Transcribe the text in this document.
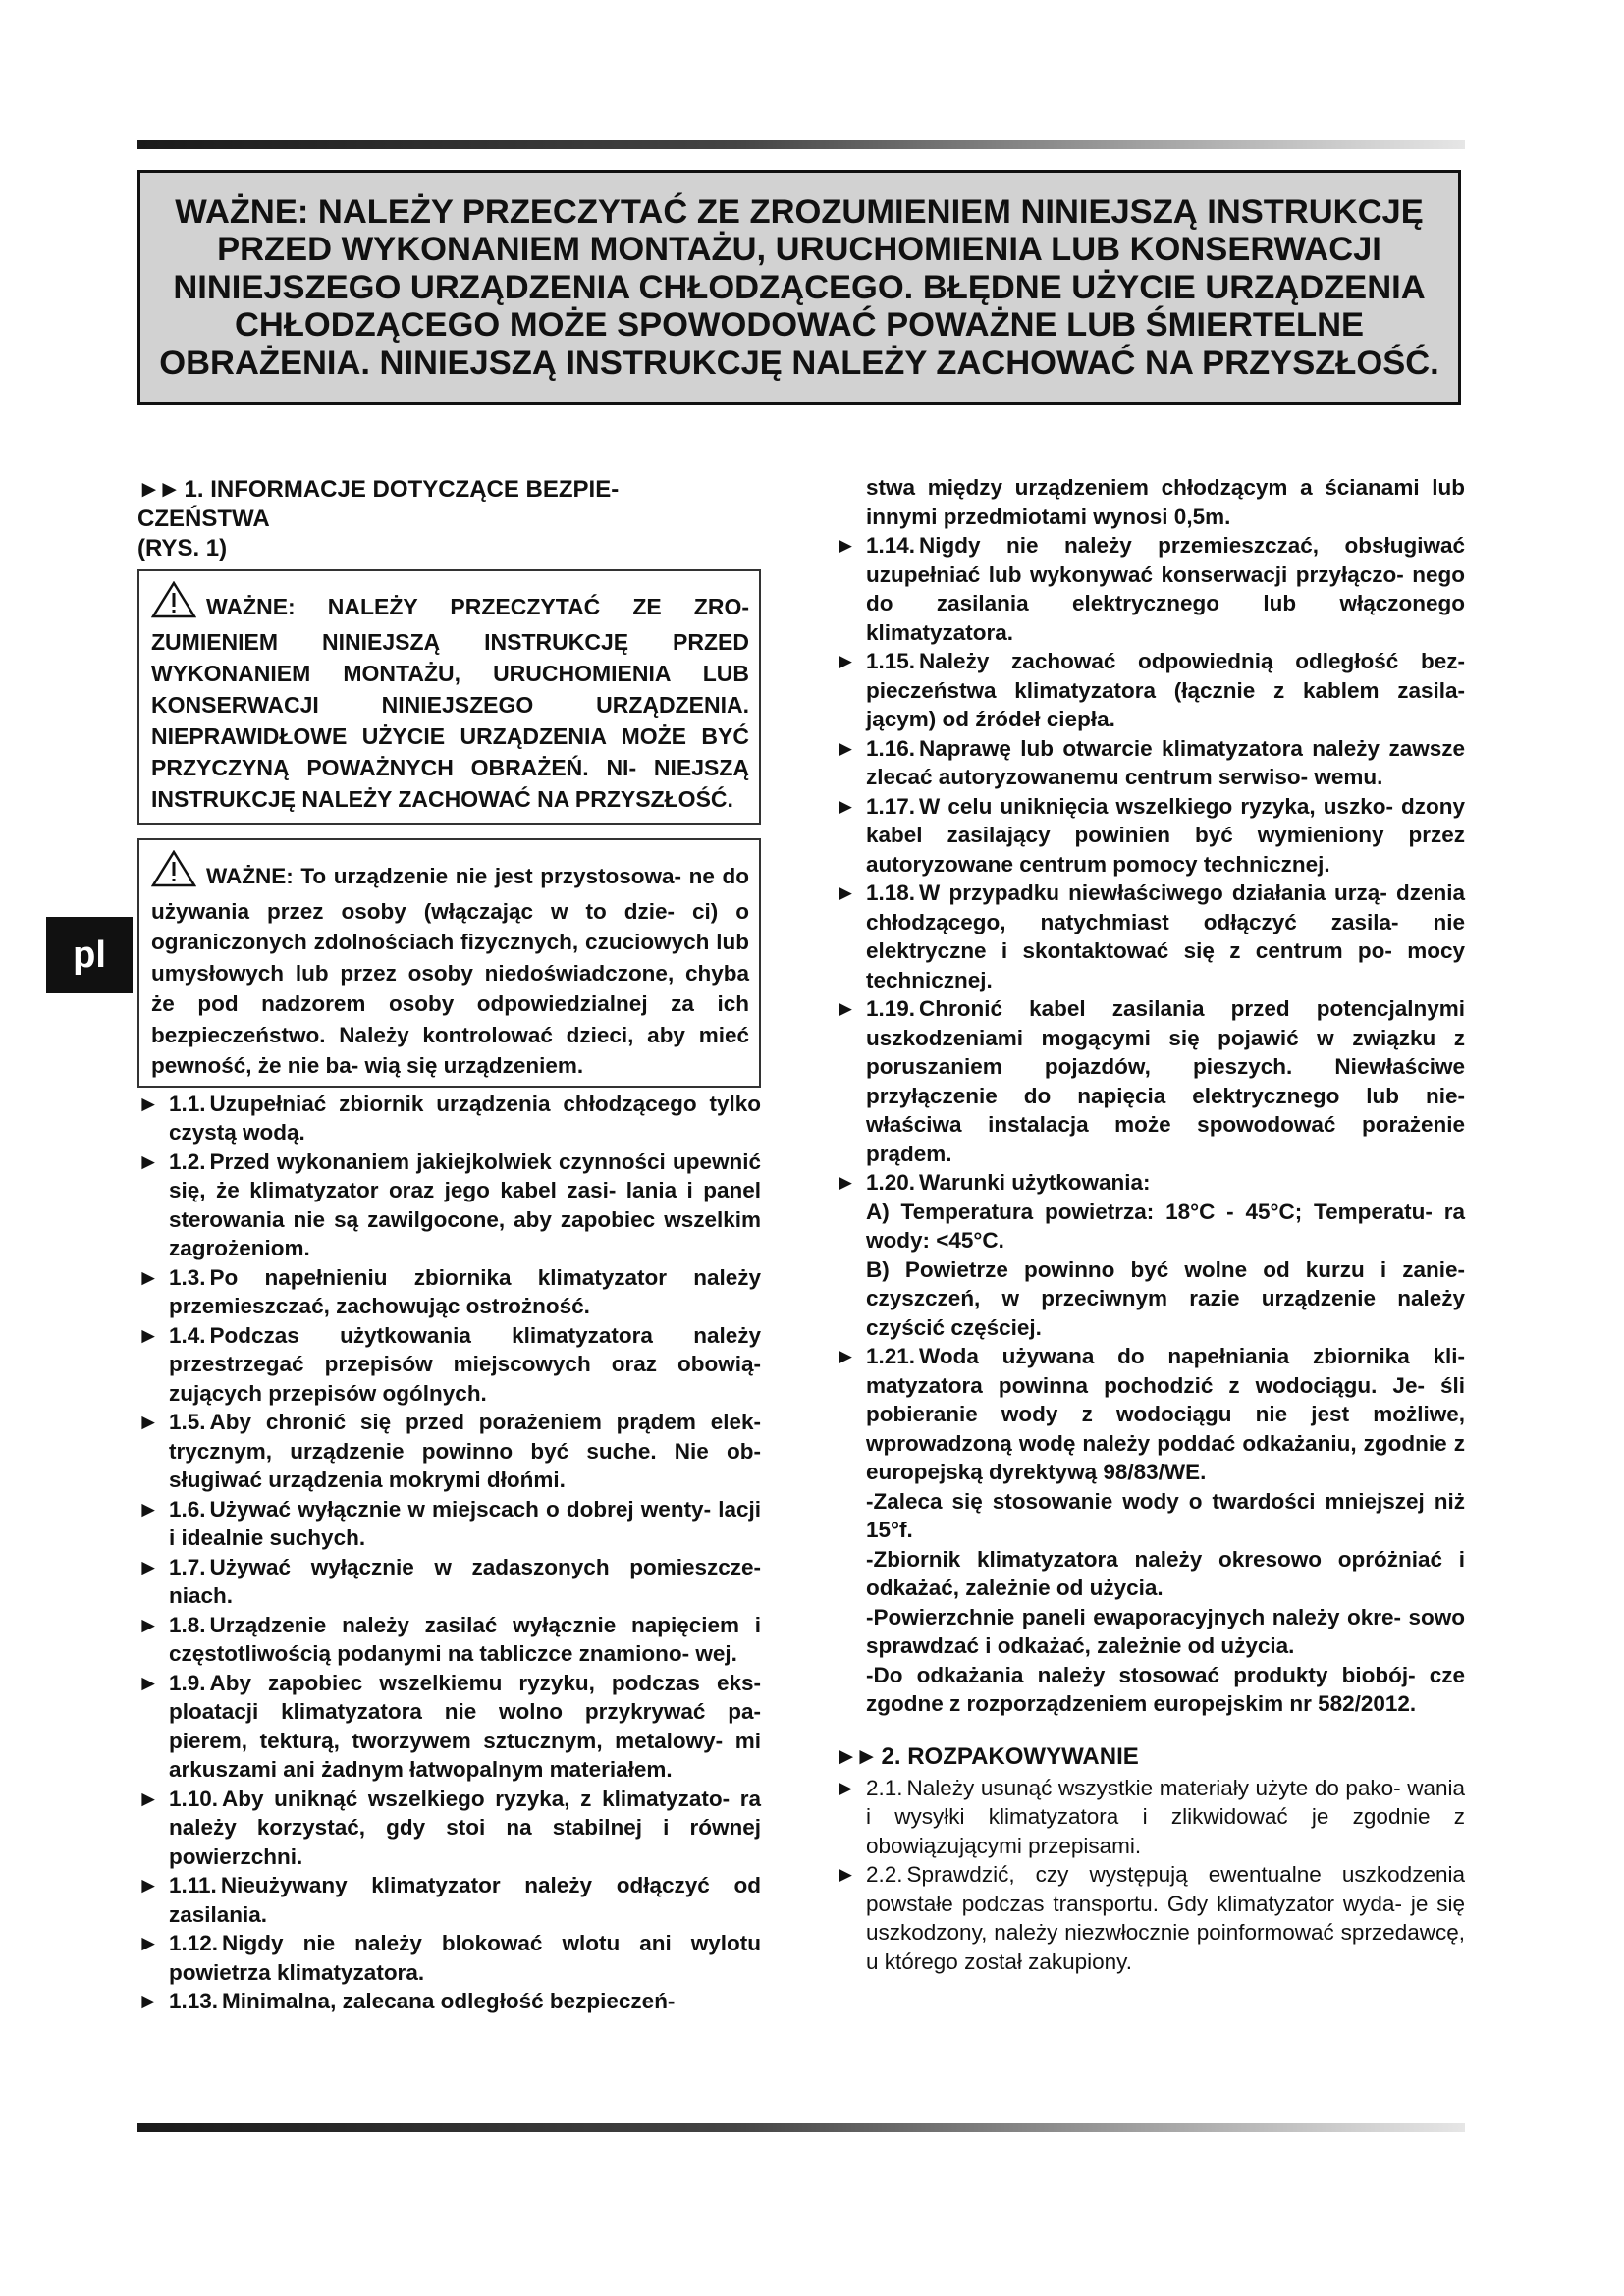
WAŻNE: NALEŻY PRZECZYTAĆ ZE ZROZUMIENIEM NINIEJSZĄ INSTRUKCJĘ PRZED WYKONANIEM MONTAŻU, URUCHOMIENIA LUB KONSERWACJI NINIEJSZEGO URZĄDZENIA CHŁODZĄCEGO. BŁĘDNE UŻYCIE URZĄDZENIA CHŁODZĄCEGO MOŻE SPOWODOWAĆ POWAŻNE LUB ŚMIERTELNE OBRAŻENIA. NINIEJSZĄ INSTRUKCJĘ NALEŻY ZACHOWAĆ NA PRZYSZŁOŚĆ.

pl
►► 1. INFORMACJE DOTYCZĄCE BEZPIE-
CZEŃSTWA
(RYS. 1)

WAŻNE: NALEŻY PRZECZYTAĆ ZE ZRO- ZUMIENIEM NINIEJSZĄ INSTRUKCJĘ PRZED WYKONANIEM MONTAŻU, URUCHOMIENIA LUB KONSERWACJI NINIEJSZEGO URZĄDZENIA. NIEPRAWIDŁOWE UŻYCIE URZĄDZENIA MOŻE BYĆ PRZYCZYNĄ POWAŻNYCH OBRAŻEŃ. NI- NIEJSZĄ INSTRUKCJĘ NALEŻY ZACHOWAĆ NA PRZYSZŁOŚĆ.

WAŻNE: To urządzenie nie jest przystosowa- ne do używania przez osoby (włączając w to dzie- ci) o ograniczonych zdolnościach fizycznych, czuciowych lub umysłowych lub przez osoby niedoświadczone, chyba że pod nadzorem osoby odpowiedzialnej za ich bezpieczeństwo. Należy kontrolować dzieci, aby mieć pewność, że nie ba- wią się urządzeniem.

► 1.1. Uzupełniać zbiornik urządzenia chłodzącego tylko czystą wodą.
► 1.2. Przed wykonaniem jakiejkolwiek czynności upewnić się, że klimatyzator oraz jego kabel zasi- lania i panel sterowania nie są zawilgocone, aby zapobiec wszelkim zagrożeniom.
► 1.3. Po napełnieniu zbiornika klimatyzator należy przemieszczać, zachowując ostrożność.
► 1.4. Podczas użytkowania klimatyzatora należy przestrzegać przepisów miejscowych oraz obowią- zujących przepisów ogólnych.
► 1.5. Aby chronić się przed porażeniem prądem elek- trycznym, urządzenie powinno być suche. Nie ob- sługiwać urządzenia mokrymi dłońmi.
► 1.6. Używać wyłącznie w miejscach o dobrej wenty- lacji i idealnie suchych.
► 1.7. Używać wyłącznie w zadaszonych pomieszcze- niach.
► 1.8. Urządzenie należy zasilać wyłącznie napięciem i częstotliwością podanymi na tabliczce znamiono- wej.
► 1.9. Aby zapobiec wszelkiemu ryzyku, podczas eks- ploatacji klimatyzatora nie wolno przykrywać pa- pierem, tekturą, tworzywem sztucznym, metalowy- mi arkuszami ani żadnym łatwopalnym materiałem.
► 1.10. Aby uniknąć wszelkiego ryzyka, z klimatyzato- ra należy korzystać, gdy stoi na stabilnej i równej powierzchni.
► 1.11. Nieużywany klimatyzator należy odłączyć od zasilania.
► 1.12. Nigdy nie należy blokować wlotu ani wylotu powietrza klimatyzatora.
► 1.13. Minimalna, zalecana odległość bezpieczeń-

stwa między urządzeniem chłodzącym a ścianami lub innymi przedmiotami wynosi 0,5m.

► 1.14. Nigdy nie należy przemieszczać, obsługiwać uzupełniać lub wykonywać konserwacji przyłączo- nego do zasilania elektrycznego lub włączonego klimatyzatora.
► 1.15. Należy zachować odpowiednią odległość bez- pieczeństwa klimatyzatora (łącznie z kablem zasila- jącym) od źródeł ciepła.
► 1.16. Naprawę lub otwarcie klimatyzatora należy zawsze zlecać autoryzowanemu centrum serwiso- wemu.
► 1.17. W celu uniknięcia wszelkiego ryzyka, uszko- dzony kabel zasilający powinien być wymieniony przez autoryzowane centrum pomocy technicznej.
► 1.18. W przypadku niewłaściwego działania urzą- dzenia chłodzącego, natychmiast odłączyć zasila- nie elektryczne i skontaktować się z centrum po- mocy technicznej.
► 1.19. Chronić kabel zasilania przed potencjalnymi uszkodzeniami mogącymi się pojawić w związku z poruszaniem pojazdów, pieszych. Niewłaściwe przyłączenie do napięcia elektrycznego lub nie- właściwa instalacja może spowodować porażenie prądem.
► 1.20. Warunki użytkowania:
A) Temperatura powietrza: 18°C - 45°C; Temperatu- ra wody: <45°C.
B) Powietrze powinno być wolne od kurzu i zanie- czyszczeń, w przeciwnym razie urządzenie należy czyścić częściej.
► 1.21. Woda używana do napełniania zbiornika kli- matyzatora powinna pochodzić z wodociągu. Je- śli pobieranie wody z wodociągu nie jest możliwe, wprowadzoną wodę należy poddać odkażaniu, zgodnie z europejską dyrektywą 98/83/WE.
-Zaleca się stosowanie wody o twardości mniejszej niż 15°f.
-Zbiornik klimatyzatora należy okresowo opróżniać i odkażać, zależnie od użycia.
-Powierzchnie paneli ewaporacyjnych należy okre- sowo sprawdzać i odkażać, zależnie od użycia.
-Do odkażania należy stosować produkty biobój- cze zgodne z rozporządzeniem europejskim nr 582/2012.
►► 2. ROZPAKOWYWANIE
► 2.1. Należy usunąć wszystkie materiały użyte do pako- wania i wysyłki klimatyzatora i zlikwidować je zgodnie z obowiązującymi przepisami.
► 2.2. Sprawdzić, czy występują ewentualne uszkodzenia powstałe podczas transportu. Gdy klimatyzator wyda- je się uszkodzony, należy niezwłocznie poinformować sprzedawcę, u którego został zakupiony.
